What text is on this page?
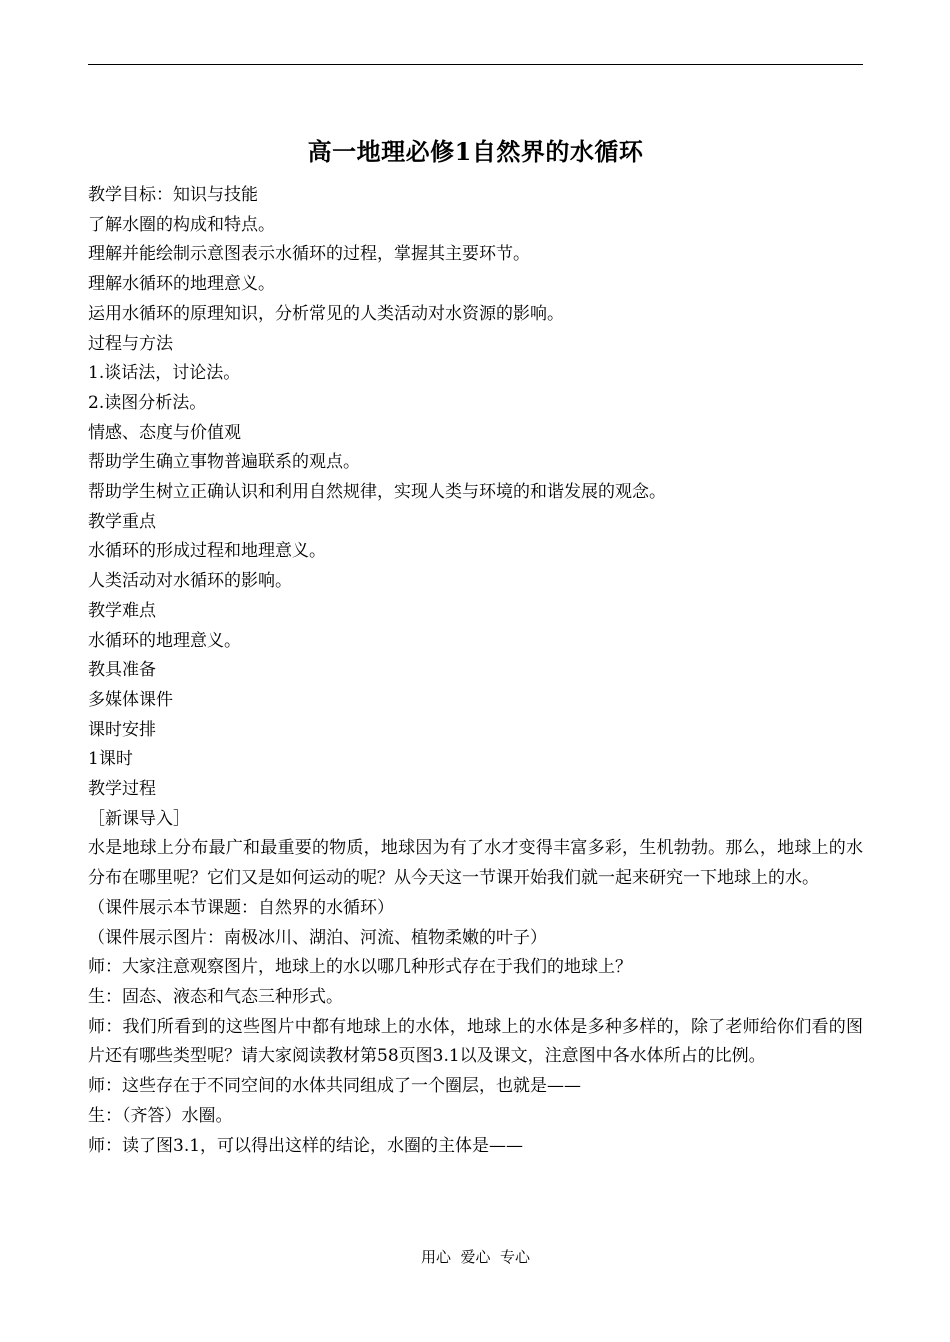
高一地理必修1自然界的水循环

教学目标：知识与技能

了解水圈的构成和特点。

理解并能绘制示意图表示水循环的过程，掌握其主要环节。

理解水循环的地理意义。

运用水循环的原理知识，分析常见的人类活动对水资源的影响。

过程与方法

1.谈话法，讨论法。

2.读图分析法。

情感、态度与价值观

帮助学生确立事物普遍联系的观点。

帮助学生树立正确认识和利用自然规律，实现人类与环境的和谐发展的观念。

教学重点

水循环的形成过程和地理意义。

人类活动对水循环的影响。

教学难点

水循环的地理意义。

教具准备

多媒体课件

课时安排

1课时

教学过程

［新课导入］

水是地球上分布最广和最重要的物质，地球因为有了水才变得丰富多彩，生机勃勃。那么，地球上的水分布在哪里呢？它们又是如何运动的呢？从今天这一节课开始我们就一起来研究一下地球上的水。

（课件展示本节课题：自然界的水循环）

（课件展示图片：南极冰川、湖泊、河流、植物柔嫩的叶子）

师：大家注意观察图片，地球上的水以哪几种形式存在于我们的地球上？

生：固态、液态和气态三种形式。

师：我们所看到的这些图片中都有地球上的水体，地球上的水体是多种多样的，除了老师给你们看的图片还有哪些类型呢？请大家阅读教材第58页图3.1以及课文，注意图中各水体所占的比例。

师：这些存在于不同空间的水体共同组成了一个圈层，也就是——

生：（齐答）水圈。

师：读了图3.1，可以得出这样的结论，水圈的主体是——

用心  爱心  专心
